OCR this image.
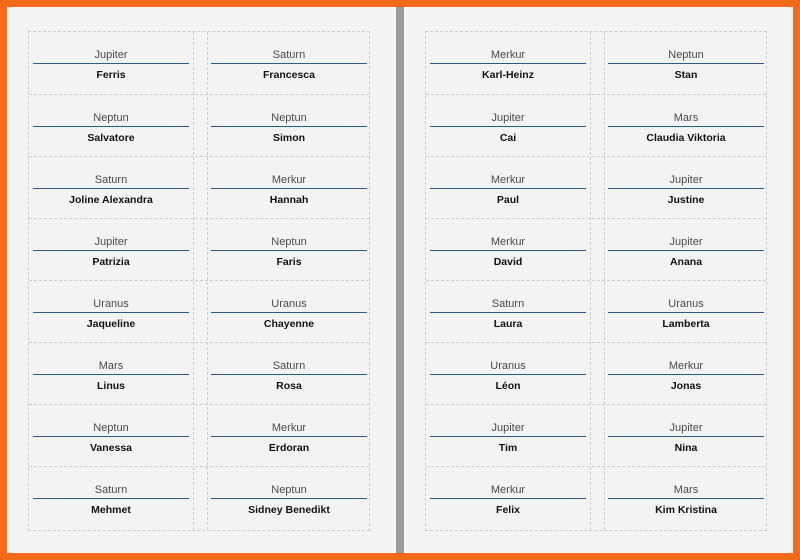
Jupiter
Ferris
Saturn
Francesca
Neptun
Salvatore
Neptun
Simon
Saturn
Joline Alexandra
Merkur
Hannah
Jupiter
Patrizia
Neptun
Faris
Uranus
Jaqueline
Uranus
Chayenne
Mars
Linus
Saturn
Rosa
Neptun
Vanessa
Merkur
Erdoran
Saturn
Mehmet
Neptun
Sidney Benedikt
Merkur
Karl-Heinz
Neptun
Stan
Jupiter
Cai
Mars
Claudia Viktoria
Merkur
Paul
Jupiter
Justine
Merkur
David
Jupiter
Anana
Saturn
Laura
Uranus
Lamberta
Uranus
Léon
Merkur
Jonas
Jupiter
Tim
Jupiter
Nina
Merkur
Felix
Mars
Kim Kristina
